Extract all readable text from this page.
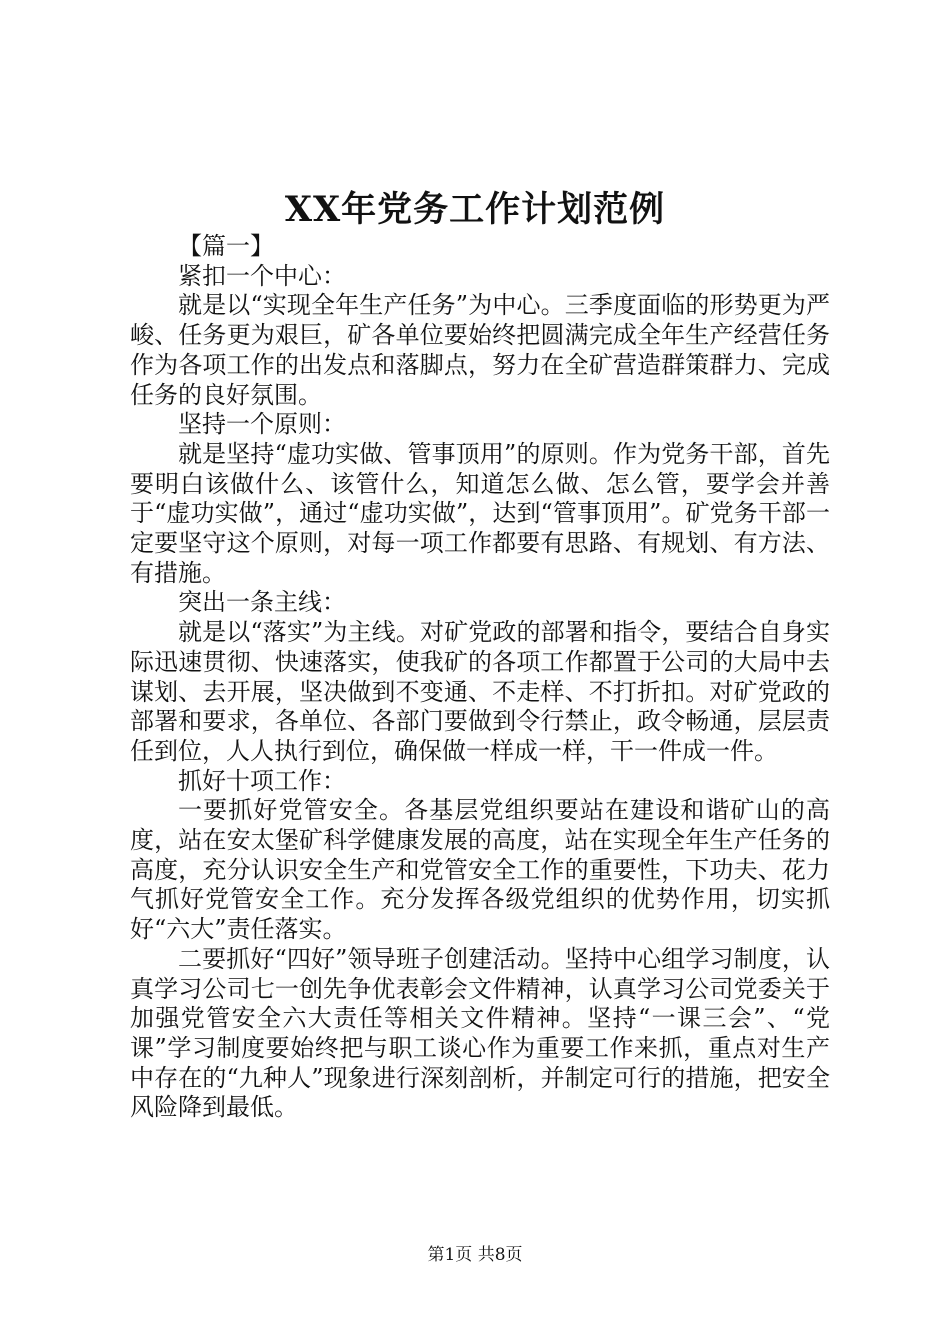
XX年党务工作计划范例

【篇一】

紧扣一个中心：

就是以“实现全年生产任务”为中心。三季度面临的形势更为严峻、任务更为艰巨，矿各单位要始终把圆满完成全年生产经营任务作为各项工作的出发点和落脚点，努力在全矿营造群策群力、完成任务的良好氛围。

坚持一个原则：

就是坚持“虚功实做、管事顶用”的原则。作为党务干部，首先要明白该做什么、该管什么，知道怎么做、怎么管，要学会并善于“虚功实做”，通过“虚功实做”，达到“管事顶用”。矿党务干部一定要坚守这个原则，对每一项工作都要有思路、有规划、有方法、有措施。

突出一条主线：

就是以“落实”为主线。对矿党政的部署和指令，要结合自身实际迅速贯彻、快速落实，使我矿的各项工作都置于公司的大局中去谋划、去开展，坚决做到不变通、不走样、不打折扣。对矿党政的部署和要求，各单位、各部门要做到令行禁止，政令畅通，层层责任到位，人人执行到位，确保做一样成一样，干一件成一件。

抓好十项工作：

一要抓好党管安全。各基层党组织要站在建设和谐矿山的高度，站在安太堡矿科学健康发展的高度，站在实现全年生产任务的高度，充分认识安全生产和党管安全工作的重要性，下功夫、花力气抓好党管安全工作。充分发挥各级党组织的优势作用，切实抓好“六大”责任落实。

二要抓好“四好”领导班子创建活动。坚持中心组学习制度，认真学习公司七一创先争优表彰会文件精神，认真学习公司党委关于加强党管安全六大责任等相关文件精神。坚持“一课三会”、“党课”学习制度要始终把与职工谈心作为重要工作来抓，重点对生产中存在的“九种人”现象进行深刻剖析，并制定可行的措施，把安全风险降到最低。

第1页 共8页
